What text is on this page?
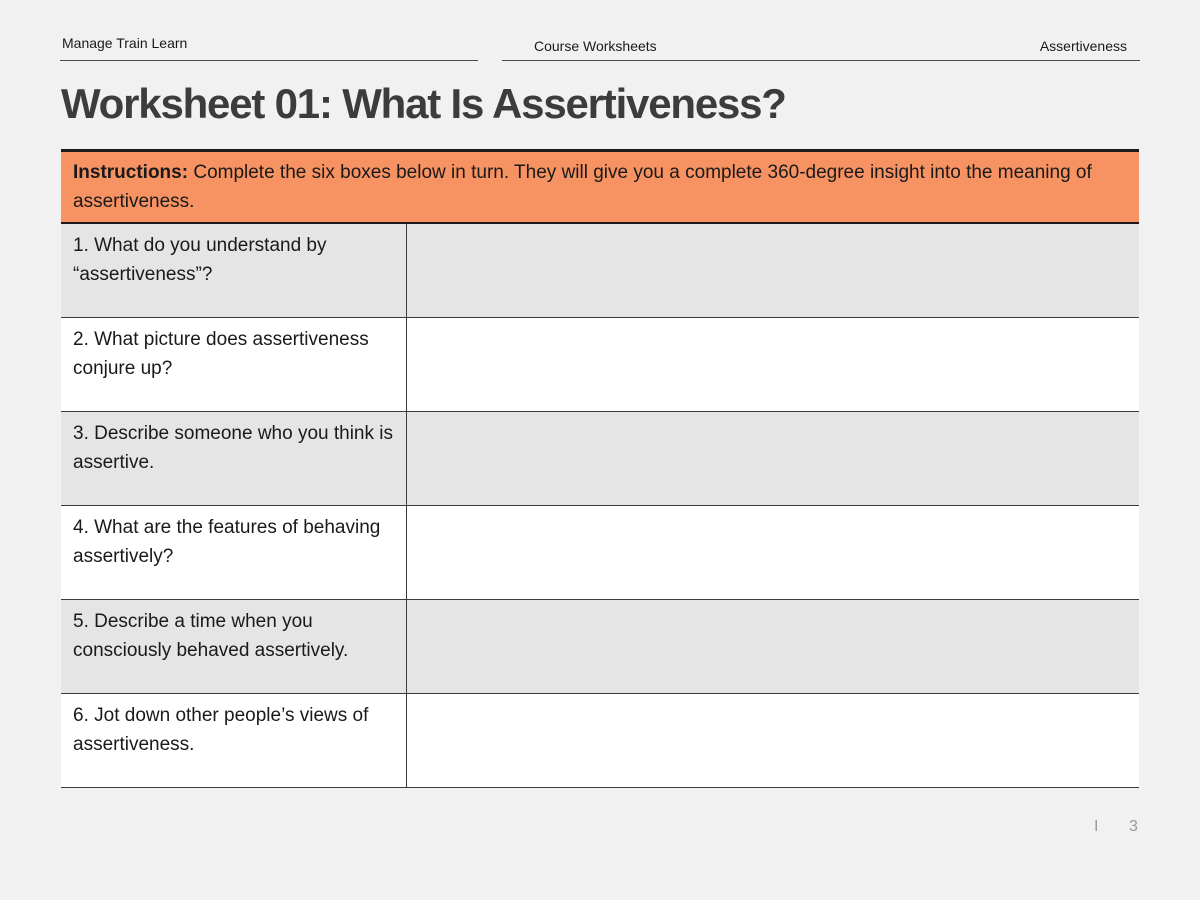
Manage Train Learn	Course Worksheets	Assertiveness
Worksheet 01: What Is Assertiveness?
Instructions: Complete the six boxes below in turn. They will give you a complete 360-degree insight into the meaning of assertiveness.
1. What do you understand by “assertiveness”?
2. What picture does assertiveness conjure up?
3. Describe someone who you think is assertive.
4. What are the features of behaving assertively?
5. Describe a time when you consciously behaved assertively.
6. Jot down other people’s views of assertiveness.
I 3
